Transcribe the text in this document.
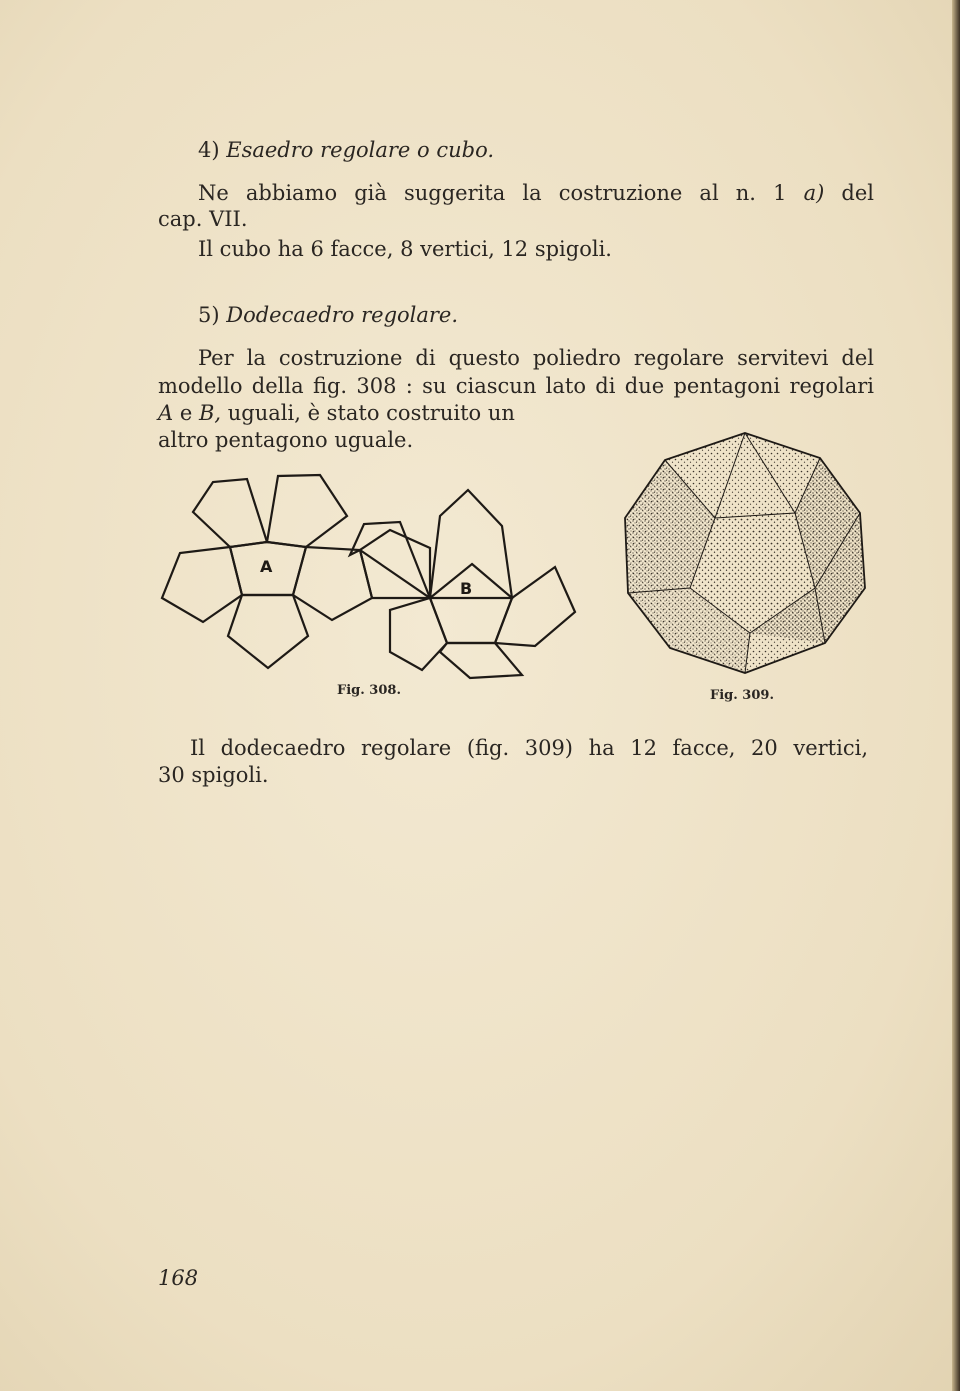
4) Esaedro regolare o cubo.
Ne abbiamo già suggerita la costruzione al n. 1 a) del
cap. VII.
Il cubo ha 6 facce, 8 vertici, 12 spigoli.
5) Dodecaedro regolare.
Per la costruzione di questo poliedro regolare servitevi del
modello della fig. 308 : su ciascun lato di due pentagoni regolari
A e B, uguali, è stato costruito un
altro pentagono uguale.
A
B
Fig. 308.	Fig. 309.
Il dodecaedro regolare (fig. 309) ha 12 facce, 20 vertici,
30 spigoli.
168
